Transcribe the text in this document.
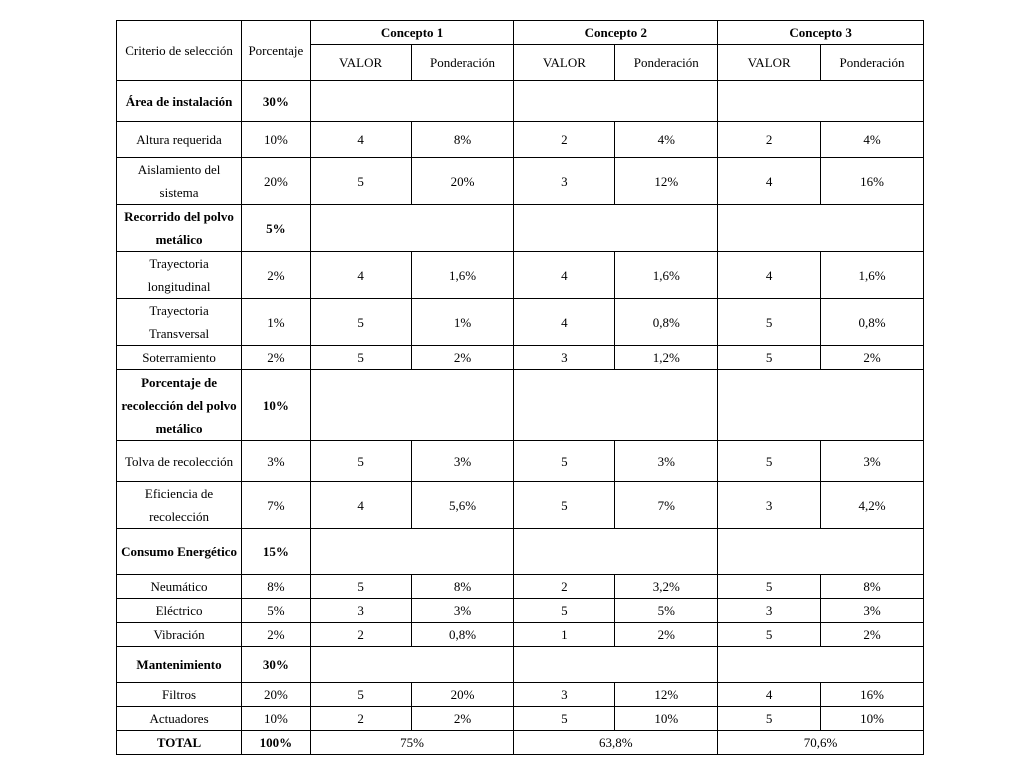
Criterio de selección	Porcentaje	Concepto 1		Concepto 2		Concepto 3	
		VALOR	Ponderación	VALOR	Ponderación	VALOR	Ponderación
Área de instalación	30%						
Altura requerida	10%	4	8%	2	4%	2	4%
Aislamiento del sistema	20%	5	20%	3	12%	4	16%
Recorrido del polvo metálico	5%						
Trayectoria longitudinal	2%	4	1,6%	4	1,6%	4	1,6%
Trayectoria Transversal	1%	5	1%	4	0,8%	5	0,8%
Soterramiento	2%	5	2%	3	1,2%	5	2%
Porcentaje de recolección del polvo metálico	10%						
Tolva de recolección	3%	5	3%	5	3%	5	3%
Eficiencia de recolección	7%	4	5,6%	5	7%	3	4,2%
Consumo Energético	15%						
Neumático	8%	5	8%	2	3,2%	5	8%
Eléctrico	5%	3	3%	5	5%	3	3%
Vibración	2%	2	0,8%	1	2%	5	2%
Mantenimiento	30%						
Filtros	20%	5	20%	3	12%	4	16%
Actuadores	10%	2	2%	5	10%	5	10%
TOTAL	100%	75%		63,8%		70,6%	
